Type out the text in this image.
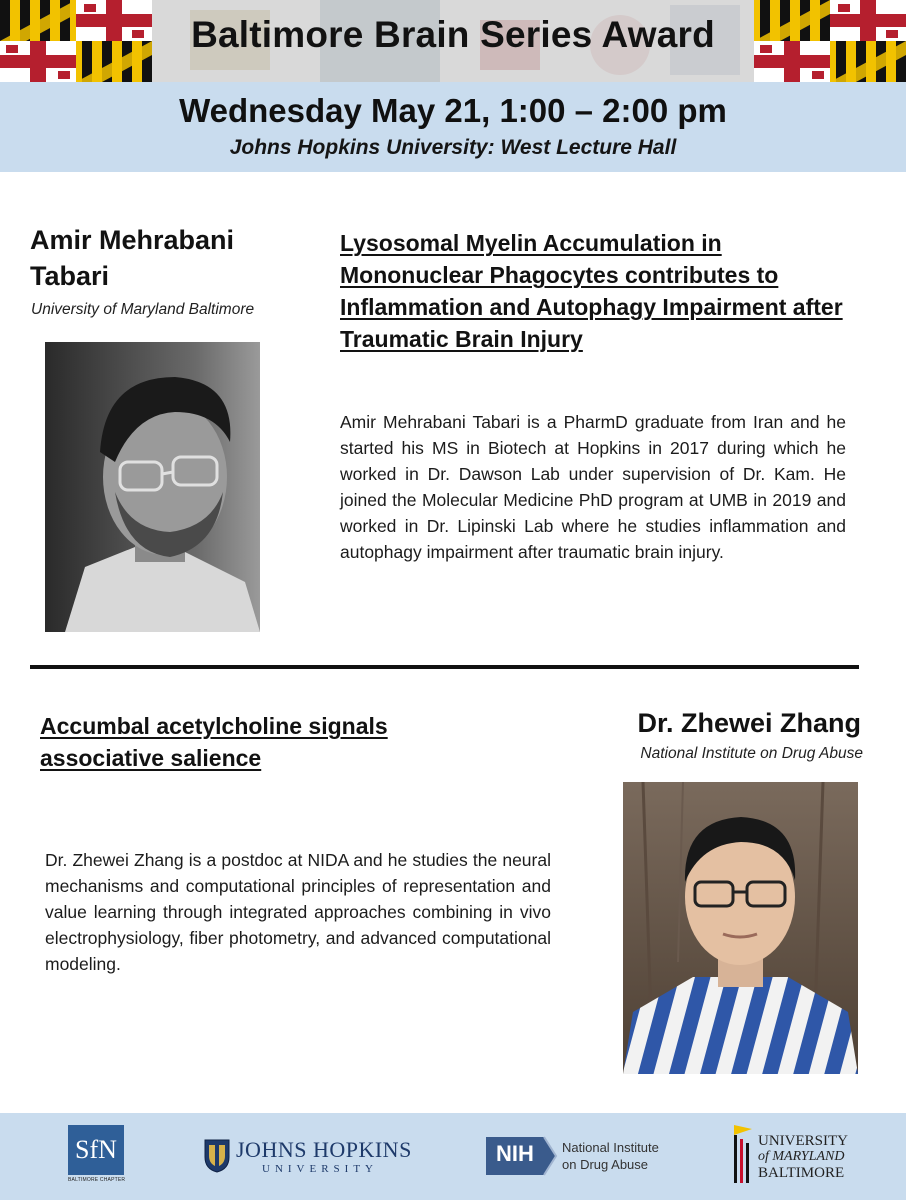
Baltimore Brain Series Award
Wednesday May 21, 1:00 – 2:00 pm
Johns Hopkins University: West Lecture Hall
Amir Mehrabani
Tabari
University of Maryland Baltimore
Lysosomal Myelin Accumulation in Mononuclear Phagocytes contributes to Inflammation and Autophagy Impairment after Traumatic Brain Injury
Amir Mehrabani Tabari is a PharmD graduate from Iran and he started his MS in Biotech at Hopkins in 2017 during which he worked in Dr. Dawson Lab under supervision of Dr. Kam. He joined the Molecular Medicine PhD program at UMB in 2019 and worked in Dr. Lipinski Lab where he studies inflammation and autophagy impairment after traumatic brain injury.
Accumbal acetylcholine signals associative salience
Dr. Zhewei Zhang
National Institute on Drug Abuse
Dr. Zhewei Zhang is a postdoc at NIDA and he studies the neural mechanisms and computational principles of representation and value learning through integrated approaches combining in vivo electrophysiology, fiber photometry, and advanced computational modeling.
SfN
BALTIMORE CHAPTER
JOHNS HOPKINS
UNIVERSITY
NIH	National Institute
on Drug Abuse
UNIVERSITY
of MARYLAND
BALTIMORE
